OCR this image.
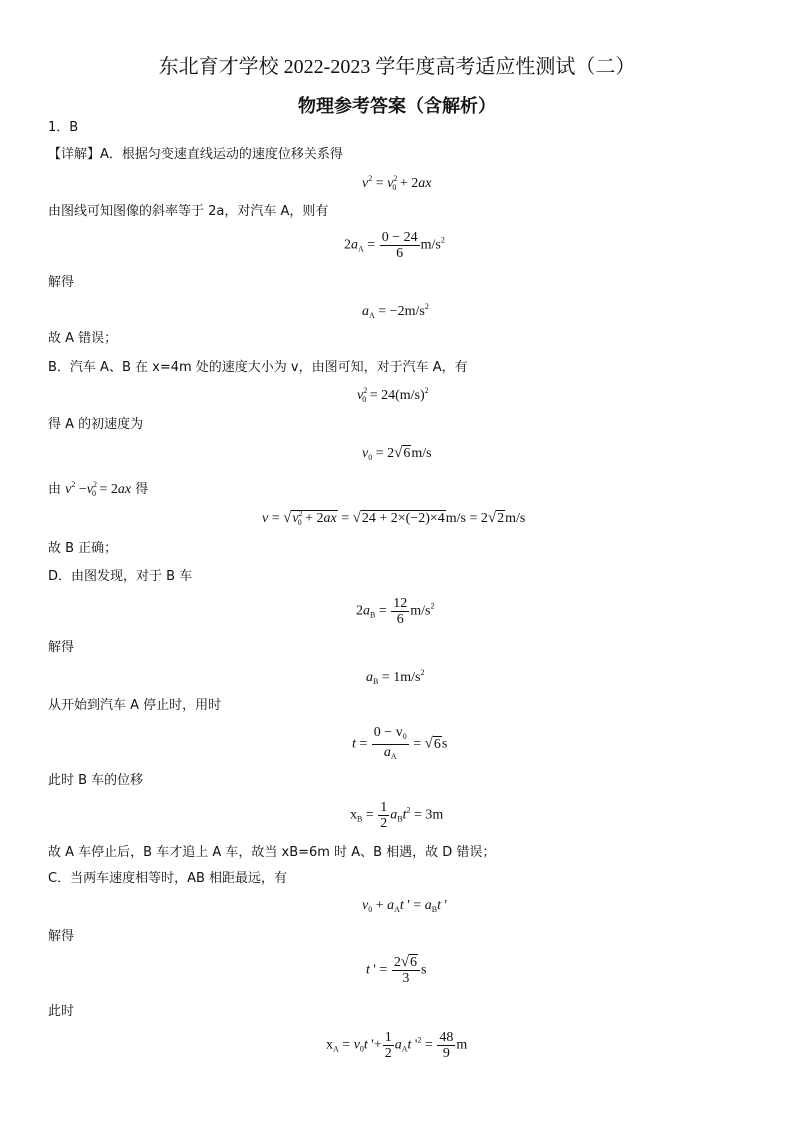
东北育才学校 2022-2023 学年度高考适应性测试（二）
物理参考答案（含解析）
1．B
【详解】A．根据匀变速直线运动的速度位移关系得
$v^2 = v^2_0 + 2ax$
由图线可知图像的斜率等于 2a，对汽车 A，则有
$2a_A = \frac{0 - 24}{6} m/s^2$
解得
$a_A = -2m/s^2$
故 A 错误；
B．汽车 A、B 在 x=4m 处的速度大小为 v，由图可知，对于汽车 A，有
$v^2_0 = 24(m/s)^2$
得 A 的初速度为
$v_0 = 2√6m/s$
由 $v^2 -v^2_0 = 2ax$ 得
$v = √v^2_0 + 2ax = √24 + 2\times(-2)\times 4m/s = 2√2m/s$
故 B 正确；
D．由图发现，对于 B 车
$2a_B = \frac{12}{6} m/s^2$
解得
$a_B = 1m/s^2$
从开始到汽车 A 停止时，用时
$t = \frac{0 - v_0}{a_A} = √6s$
此时 B 车的位移
$x_B = \frac{1}{2} a_Bt^2 = 3m$
故 A 车停止后，B 车才追上 A 车，故当 xB=6m 时 A、B 相遇，故 D 错误；
C．当两车速度相等时，AB 相距最远，有
$v_0 + a_At$ ' = $a_Bt$ '
解得
t ' = $\frac{2√6}{3}$ s
此时
$x_A = v_0t$ '+ $\frac{1}{2} a_At$ '$^2 = \frac{48}{9}$ m
